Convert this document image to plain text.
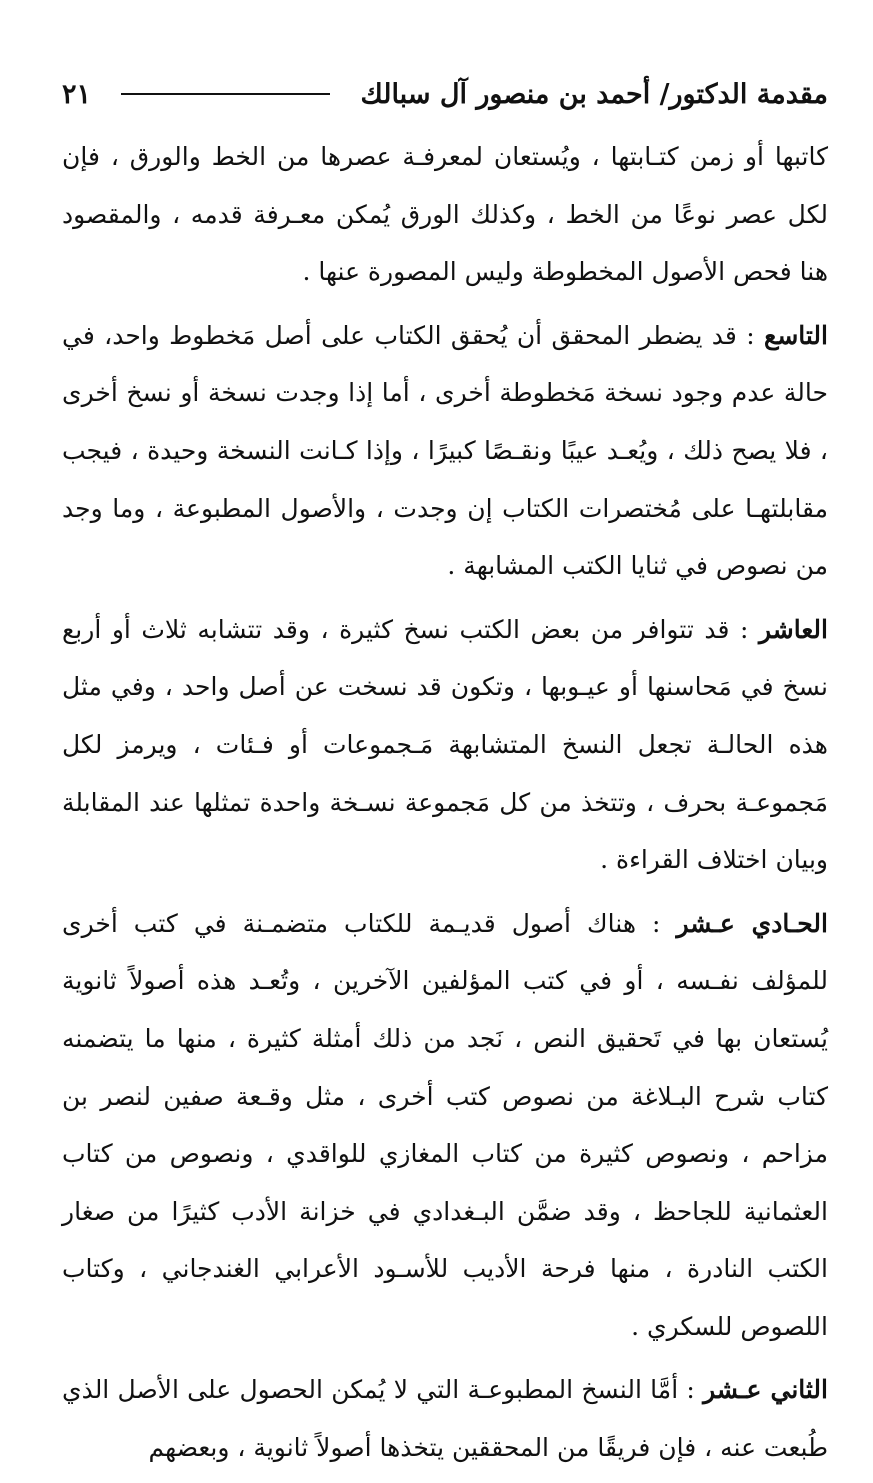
مقدمة الدكتور/ أحمد بن منصور آل سبالك
٢١

كاتبها أو زمن كتـابتها ، ويُستعان لمعرفـة عصرها من الخط والورق ، فإن لكل عصر نوعًا من الخط ، وكذلك الورق يُمكن معـرفة قدمه ، والمقصود هنا فحص الأصول المخطوطة وليس المصورة عنها .

التاسع : قد يضطر المحقق أن يُحقق الكتاب على أصل مَخطوط واحد، في حالة عدم وجود نسخة مَخطوطة أخرى ، أما إذا وجدت نسخة أو نسخ أخرى ، فلا يصح ذلك ، ويُعـد عيبًا ونقـصًا كبيرًا ، وإذا كـانت النسخة وحيدة ، فيجب مقابلتهـا على مُختصرات الكتاب إن وجدت ، والأصول المطبوعة ، وما وجد من نصوص في ثنايا الكتب المشابهة .

العاشر : قد تتوافر من بعض الكتب نسخ كثيرة ، وقد تتشابه ثلاث أو أربع نسخ في مَحاسنها أو عيـوبها ، وتكون قد نسخت عن أصل واحد ، وفي مثل هذه الحالـة تجعل النسخ المتشابهة مَـجموعات أو فـئات ، ويرمز لكل مَجموعـة بحرف ، وتتخذ من كل مَجموعة نسـخة واحدة تمثلها عند المقابلة وبيان اختلاف القراءة .

الحـادي عـشر : هناك أصول قديـمة للكتاب متضمـنة في كتب أخرى للمؤلف نفـسه ، أو في كتب المؤلفين الآخرين ، وتُعـد هذه أصولاً ثانوية يُستعان بها في تَحقيق النص ، نَجد من ذلك أمثلة كثيرة ، منها ما يتضمنه كتاب شرح البـلاغة من نصوص كتب أخرى ، مثل وقـعة صفين لنصر بن مزاحم ، ونصوص كثيرة من كتاب المغازي للواقدي ، ونصوص من كتاب العثمانية للجاحظ ، وقد ضمَّن البـغدادي في خزانة الأدب كثيرًا من صغار الكتب النادرة ، منها فرحة الأديب للأسـود الأعرابي الغندجاني ، وكتاب اللصوص للسكري .

الثاني عـشر : أمَّا النسخ المطبوعـة التي لا يُمكن الحصول على الأصل الذي طُبعت عنه ، فإن فريقًا من المحققين يتخذها أصولاً ثانوية ، وبعضهم
